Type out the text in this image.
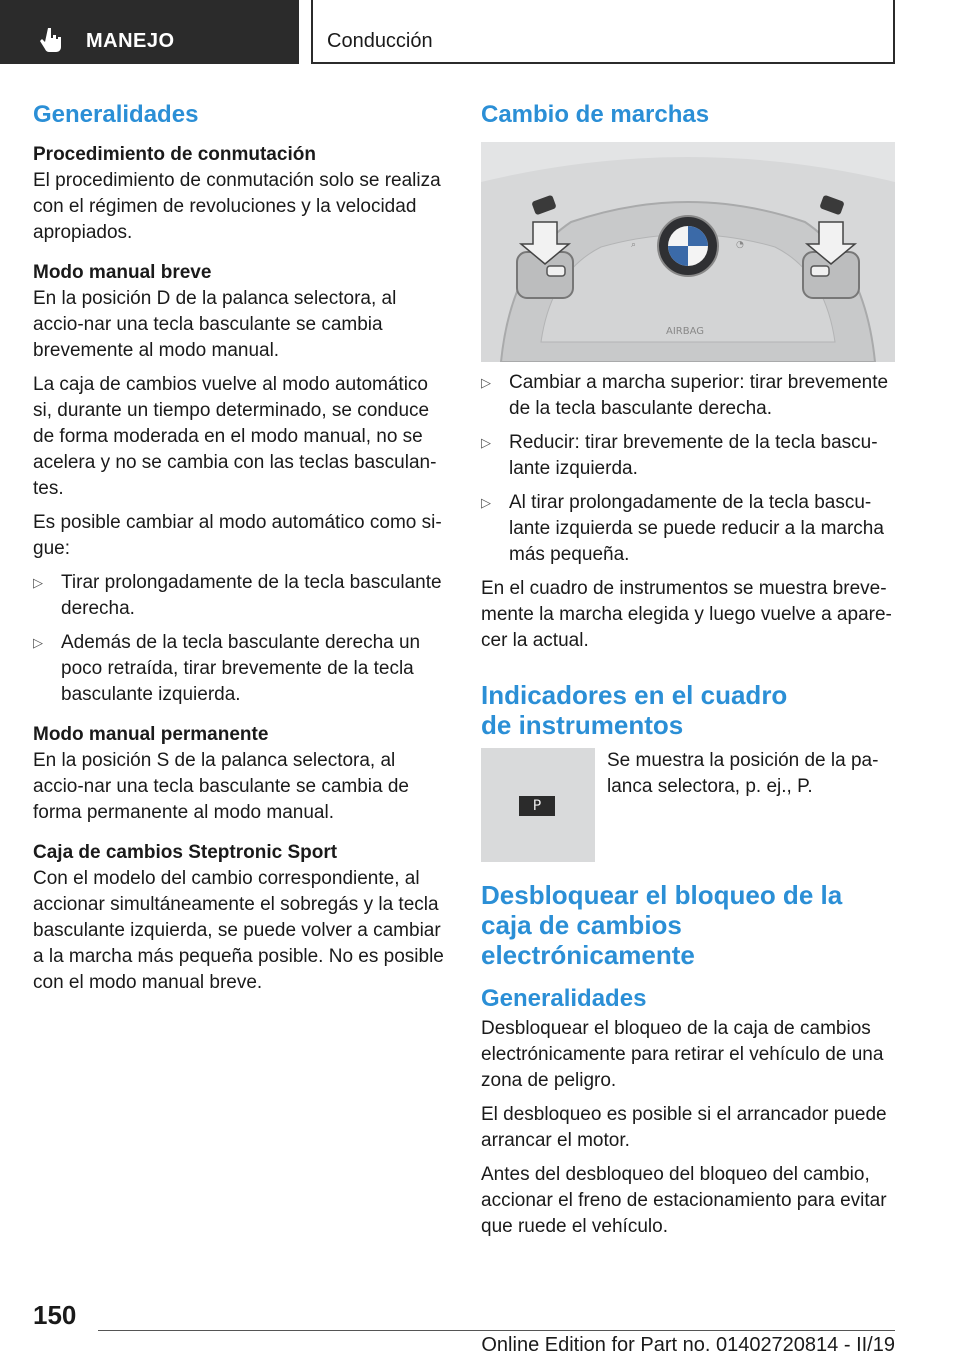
MANEJO	Conducción
Generalidades
Procedimiento de conmutación

El procedimiento de conmutación solo se realiza con el régimen de revoluciones y la velocidad apropiados.

Modo manual breve

En la posición D de la palanca selectora, al accio-nar una tecla basculante se cambia brevemente al modo manual.

La caja de cambios vuelve al modo automático si, durante un tiempo determinado, se conduce de forma moderada en el modo manual, no se acelera y no se cambia con las teclas basculan-tes.

Es posible cambiar al modo automático como si-gue:

▷ Tirar prolongadamente de la tecla basculante derecha.
▷ Además de la tecla basculante derecha un poco retraída, tirar brevemente de la tecla basculante izquierda.
Modo manual permanente

En la posición S de la palanca selectora, al accio-nar una tecla basculante se cambia de forma permanente al modo manual.

Caja de cambios Steptronic Sport

Con el modelo del cambio correspondiente, al accionar simultáneamente el sobregás y la tecla basculante izquierda, se puede volver a cambiar a la marcha más pequeña posible. No es posible con el modo manual breve.

Cambio de marchas
⌕	◔
AIRBAG
▷ Cambiar a marcha superior: tirar brevemente de la tecla basculante derecha.
▷ Reducir: tirar brevemente de la tecla bascu-lante izquierda.
▷ Al tirar prolongadamente de la tecla bascu-lante izquierda se puede reducir a la marcha más pequeña.

En el cuadro de instrumentos se muestra breve-mente la marcha elegida y luego vuelve a apare-cer la actual.

Indicadores en el cuadro
de instrumentos
P

Se muestra la posición de la pa-lanca selectora, p. ej., P.

Desbloquear el bloqueo de la
caja de cambios
electrónicamente
Generalidades

Desbloquear el bloqueo de la caja de cambios electrónicamente para retirar el vehículo de una zona de peligro.

El desbloqueo es posible si el arrancador puede arrancar el motor.

Antes del desbloqueo del bloqueo del cambio, accionar el freno de estacionamiento para evitar que ruede el vehículo.

150
Online Edition for Part no. 01402720814 - II/19
